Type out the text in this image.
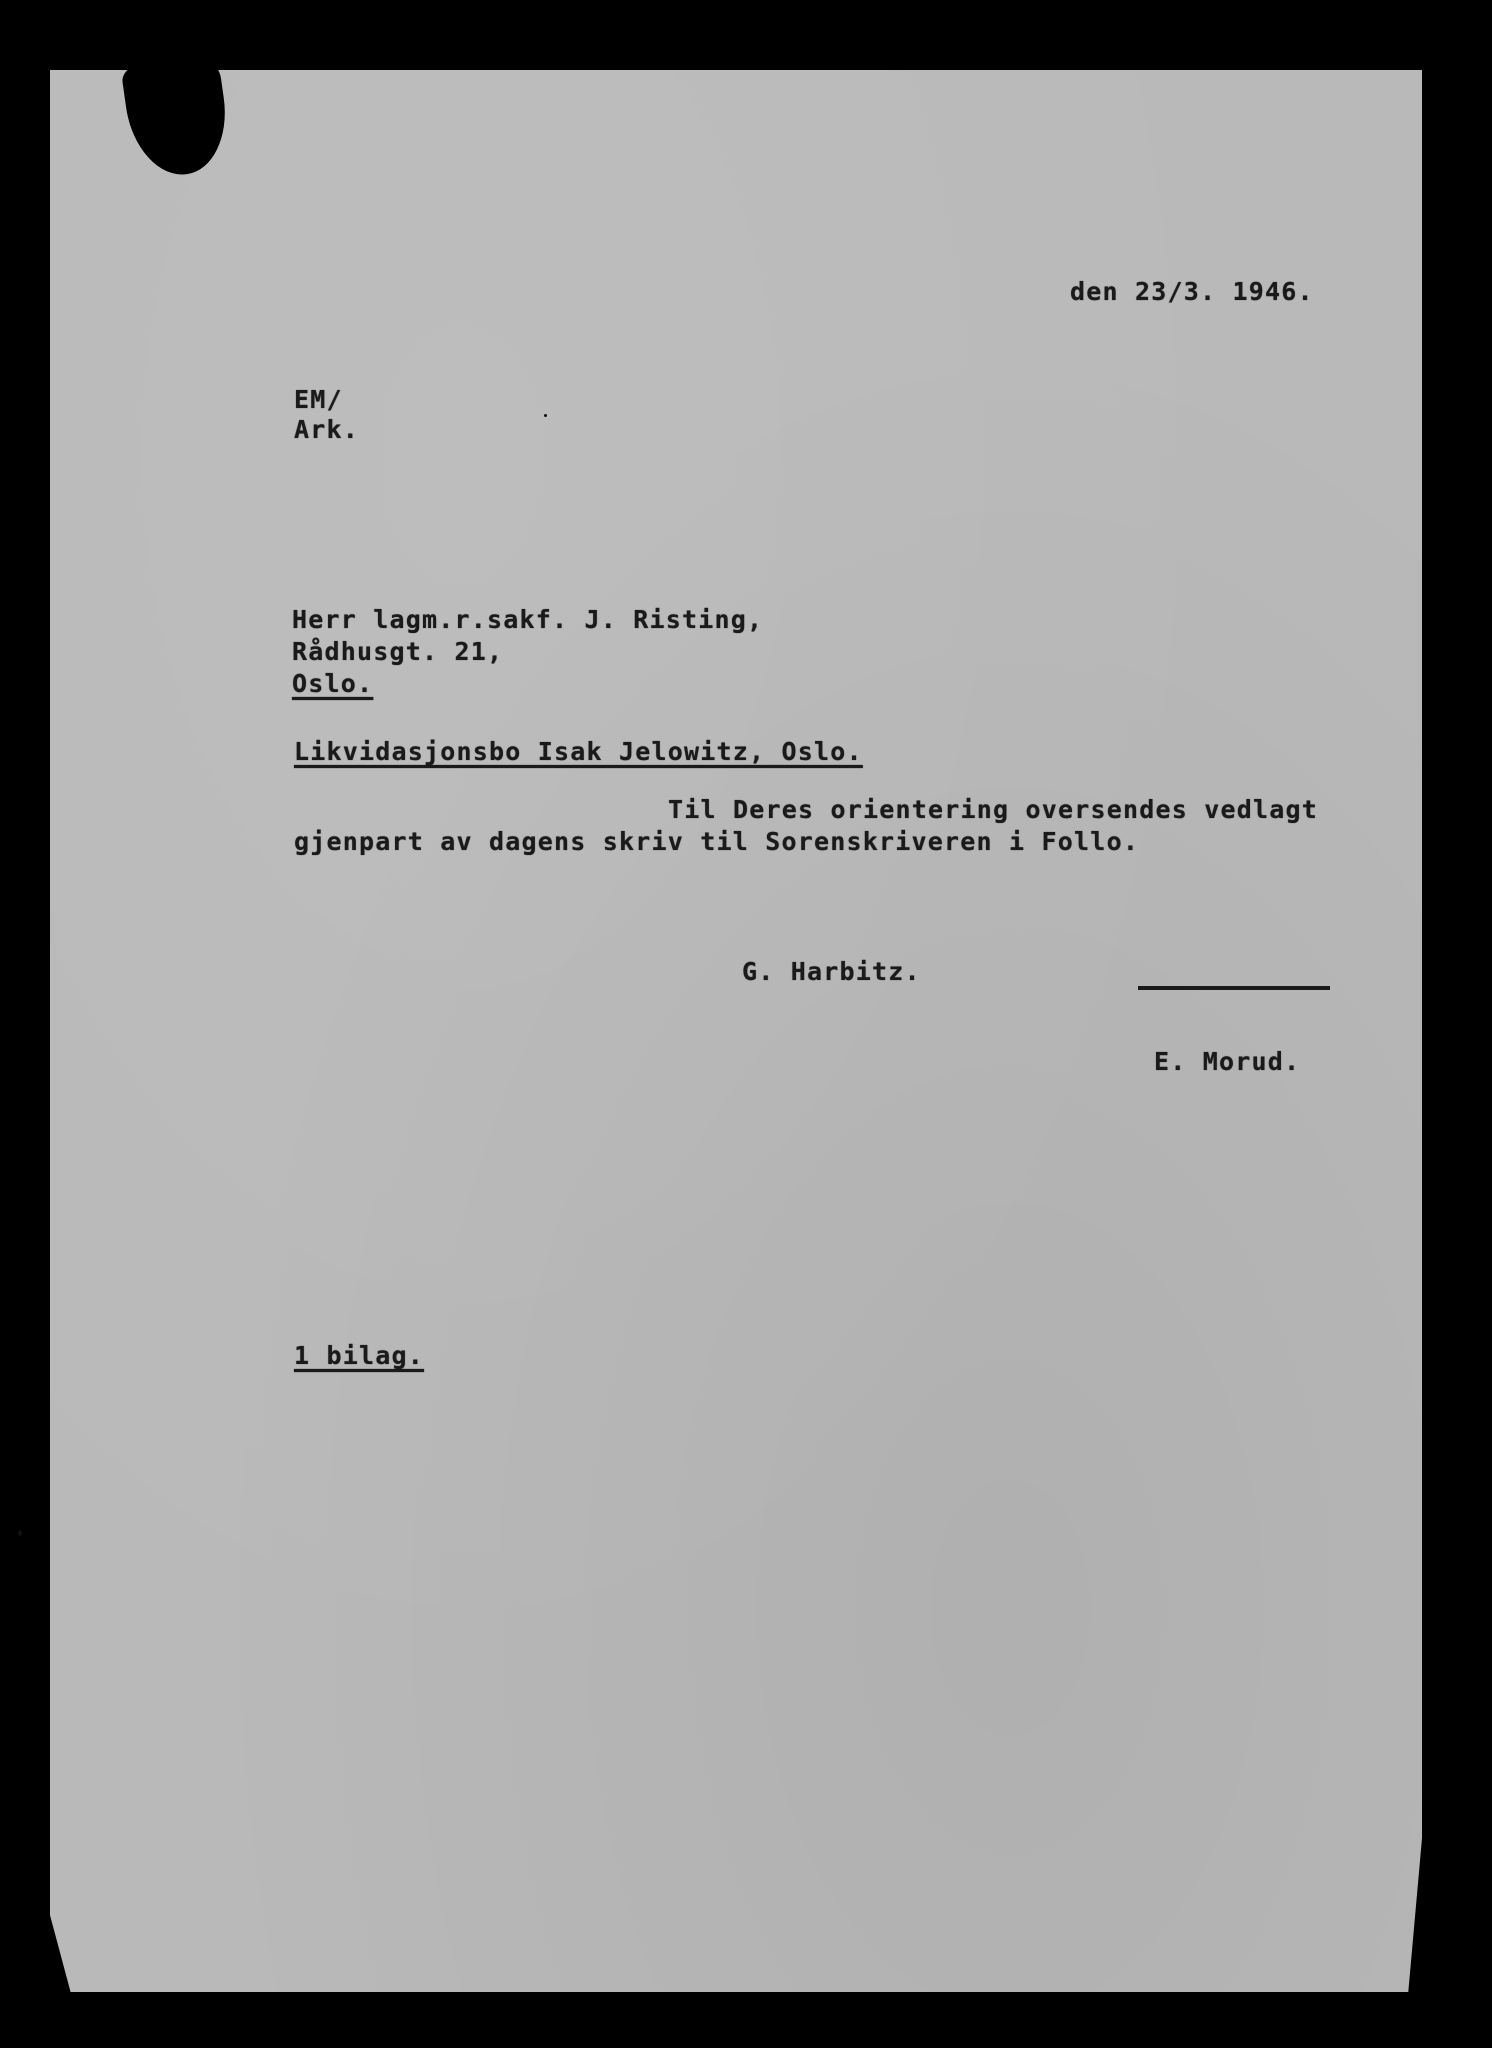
den 23/3. 1946.
EM/
Ark.
Herr lagm.r.sakf. J. Risting,
Rådhusgt. 21,
Oslo.
Likvidasjonsbo Isak Jelowitz, Oslo.
Til Deres orientering oversendes vedlagt
gjenpart av dagens skriv til Sorenskriveren i Follo.
G. Harbitz.
E. Morud.
1 bilag.
